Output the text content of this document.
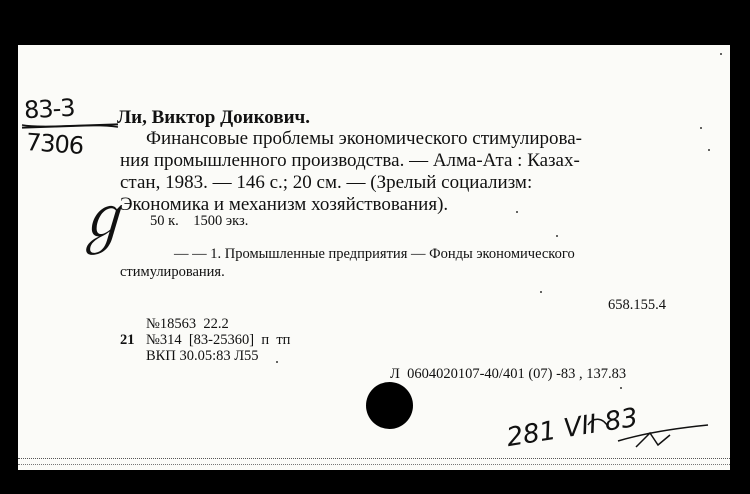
83-3
7306
ℊ
Ли, Виктор Доикович.
Финансовые проблемы экономического стимулирова-
ния промышленного производства. — Алма-Ата : Казах-
стан, 1983. — 146 с.; 20 см. — (Зрелый социализм:
Экономика и механизм хозяйствования).
50 к.    1500 экз.
— — 1. Промышленные предприятия — Фонды экономического
стимулирования.
658.155.4
№18563  22.2
21 №314  [83-25360]  п  тп
ВКП 30.05:83 Л55
Л  0604020107-40/401 (07) -83 , 137.83
281 VII 83
